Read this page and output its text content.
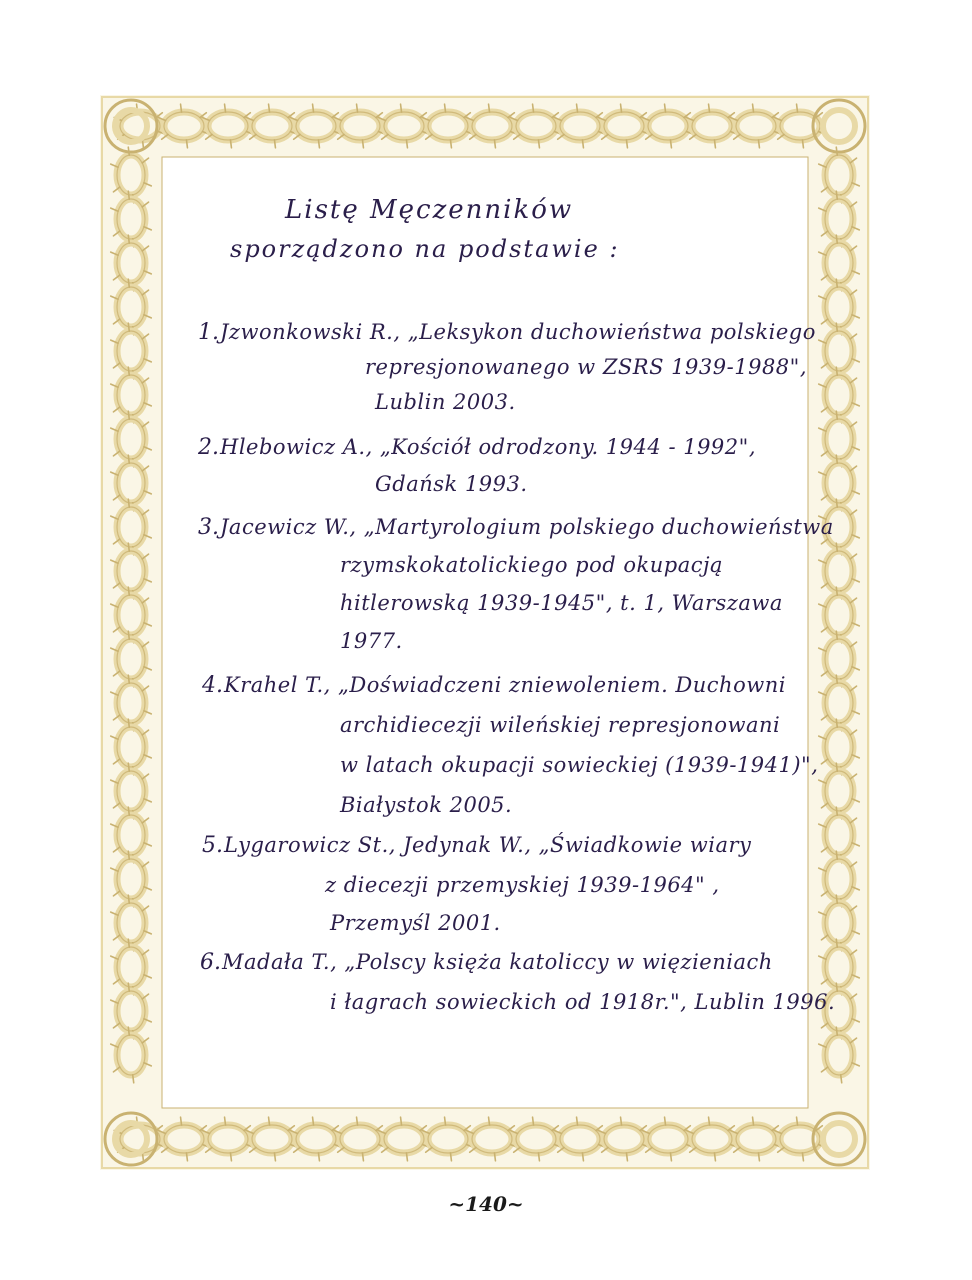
Listę Męczenników
sporządzono na podstawie :
1. Jzwonkowski R., „Leksykon duchowieństwa polskiego
represjonowanego w ZSRS 1939-1988",
Lublin 2003.
2. Hlebowicz A., „Kościół odrodzony. 1944 - 1992",
Gdańsk 1993.
3. Jacewicz W., „Martyrologium polskiego duchowieństwa
rzymskokatolickiego pod okupacją
hitlerowską 1939-1945", t. 1, Warszawa
1977.
4. Krahel T., „Doświadczeni zniewoleniem. Duchowni
archidiecezji wileńskiej represjonowani
w latach okupacji sowieckiej (1939-1941)",
Białystok 2005.
5. Lygarowicz St., Jedynak W., „Świadkowie wiary
z diecezji przemyskiej 1939-1964" ,
Przemyśl 2001.
6. Madała T., „Polscy księża katoliccy w więzieniach
i łagrach sowieckich od 1918r.", Lublin 1996.
~140~
